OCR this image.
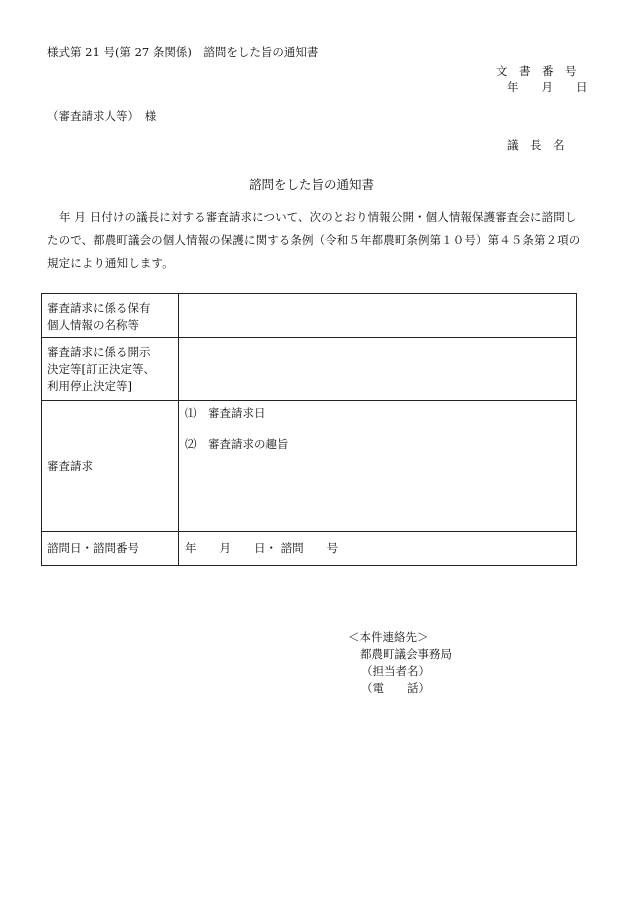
様式第 21 号(第 27 条関係)　諮問をした旨の通知書
文　書　番　号
年　　月　　日
（審査請求人等）　様
議　長　名
諮問をした旨の通知書
年 月 日付けの議長に対する審査請求について、次のとおり情報公開・個人情報保護審査会に諮問したので、都農町議会の個人情報の保護に関する条例（令和５年都農町条例第１０号）第４５条第２項の規定により通知します。
審査請求に係る保有
個人情報の名称等	

審査請求に係る開示
決定等[訂正決定等、
利用停止決定等]	

審査請求	⑴　審査請求日
⑵　審査請求の趣旨

諮問日・諮問番号	年　　月　　日・ 諮問　　号
＜本件連絡先＞
都農町議会事務局
（担当者名）
（電　　話）
